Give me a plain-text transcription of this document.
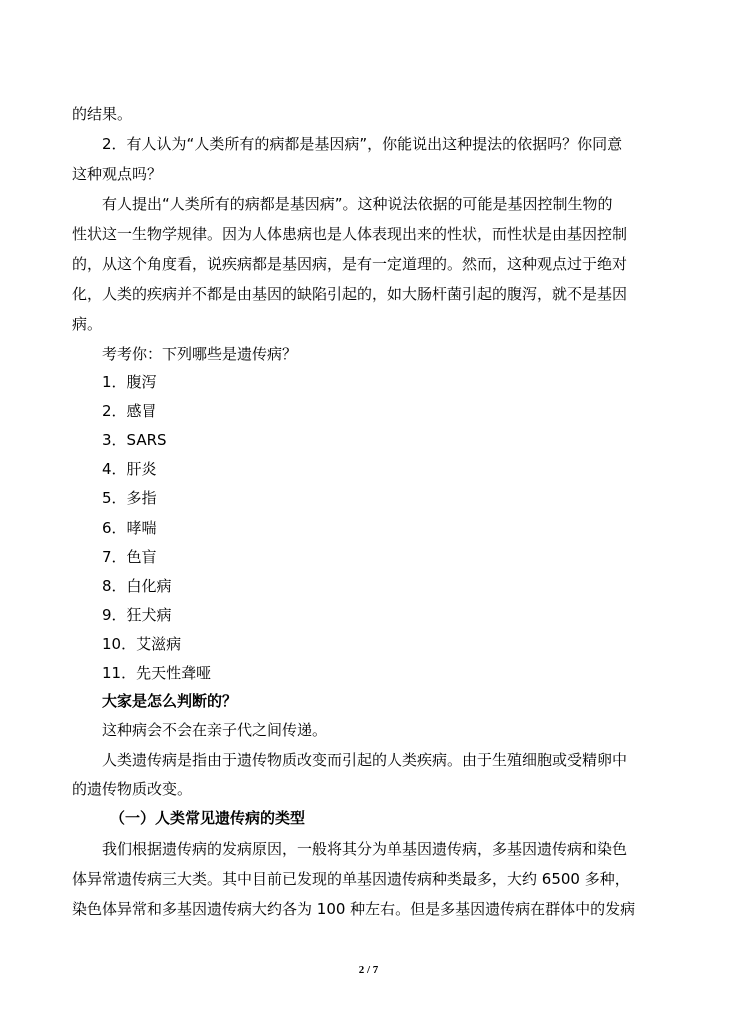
的结果。
2．有人认为“人类所有的病都是基因病”，你能说出这种提法的依据吗？你同意
这种观点吗？
有人提出“人类所有的病都是基因病”。这种说法依据的可能是基因控制生物的
性状这一生物学规律。因为人体患病也是人体表现出来的性状，而性状是由基因控制
的，从这个角度看，说疾病都是基因病，是有一定道理的。然而，这种观点过于绝对
化，人类的疾病并不都是由基因的缺陷引起的，如大肠杆菌引起的腹泻，就不是基因
病。
考考你：下列哪些是遗传病？
1．腹泻
2．感冒
3．SARS
4．肝炎
5．多指
6．哮喘
7．色盲
8．白化病
9．狂犬病
10．艾滋病
11．先天性聋哑
大家是怎么判断的？
这种病会不会在亲子代之间传递。
人类遗传病是指由于遗传物质改变而引起的人类疾病。由于生殖细胞或受精卵中
的遗传物质改变。
（一）人类常见遗传病的类型
我们根据遗传病的发病原因，一般将其分为单基因遗传病，多基因遗传病和染色
体异常遗传病三大类。其中目前已发现的单基因遗传病种类最多，大约 6500 多种，
染色体异常和多基因遗传病大约各为 100 种左右。但是多基因遗传病在群体中的发病
2 / 7
